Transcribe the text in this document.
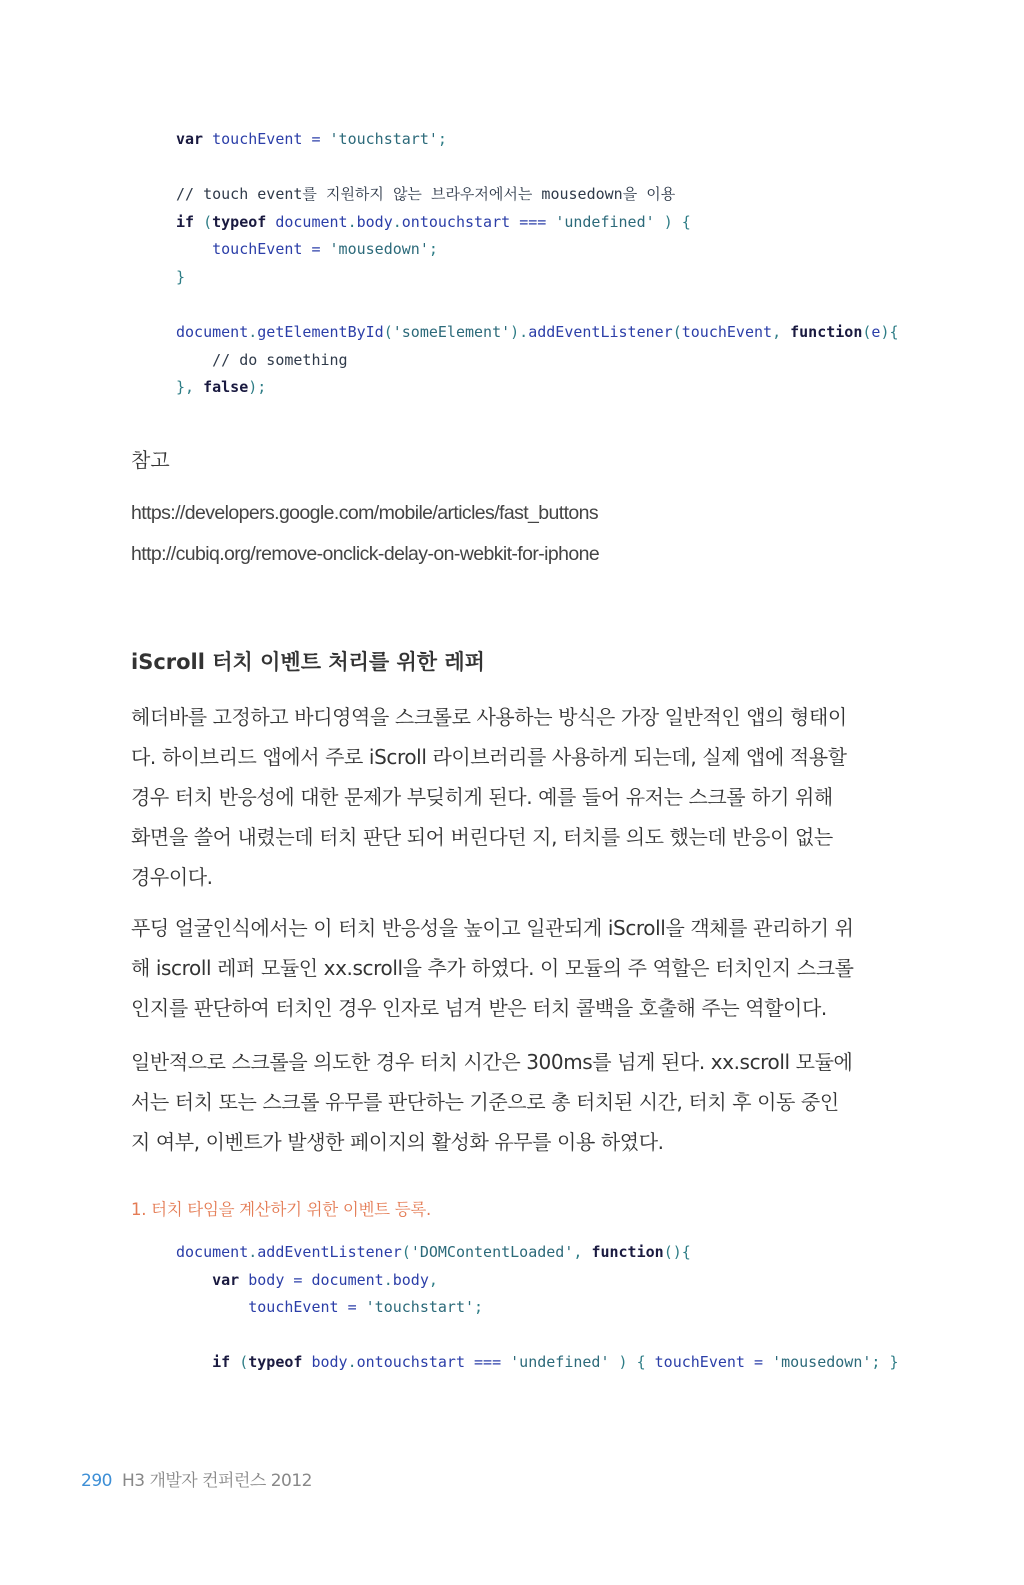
var touchEvent = 'touchstart';
// touch event를 지원하지 않는 브라우저에서는 mousedown을 이용
if (typeof document.body.ontouchstart === 'undefined' ) {
touchEvent = 'mousedown';
}
document.getElementById('someElement').addEventListener(touchEvent, function(e){
// do something
}, false);
참고
https://developers.google.com/mobile/articles/fast_buttons
http://cubiq.org/remove-onclick-delay-on-webkit-for-iphone
iScroll 터치 이벤트 처리를 위한 레퍼
헤더바를 고정하고 바디영역을 스크롤로 사용하는 방식은 가장 일반적인 앱의 형태이
다. 하이브리드 앱에서 주로 iScroll 라이브러리를 사용하게 되는데, 실제 앱에 적용할
경우 터치 반응성에 대한 문제가 부딪히게 된다. 예를 들어 유저는 스크롤 하기 위해
화면을 쓸어 내렸는데 터치 판단 되어 버린다던 지, 터치를 의도 했는데 반응이 없는
경우이다.
푸딩 얼굴인식에서는 이 터치 반응성을 높이고 일관되게 iScroll을 객체를 관리하기 위
해 iscroll 레퍼 모듈인 xx.scroll을 추가 하였다. 이 모듈의 주 역할은 터치인지 스크롤
인지를 판단하여 터치인 경우 인자로 넘겨 받은 터치 콜백을 호출해 주는 역할이다.
일반적으로 스크롤을 의도한 경우 터치 시간은 300ms를 넘게 된다. xx.scroll 모듈에
서는 터치 또는 스크롤 유무를 판단하는 기준으로 총 터치된 시간, 터치 후 이동 중인
지 여부, 이벤트가 발생한 페이지의 활성화 유무를 이용 하였다.
1. 터치 타임을 계산하기 위한 이벤트 등록.
document.addEventListener('DOMContentLoaded', function(){
var body = document.body,
touchEvent = 'touchstart';
if (typeof body.ontouchstart === 'undefined' ) { touchEvent = 'mousedown'; }
290 H3 개발자 컨퍼런스 2012
